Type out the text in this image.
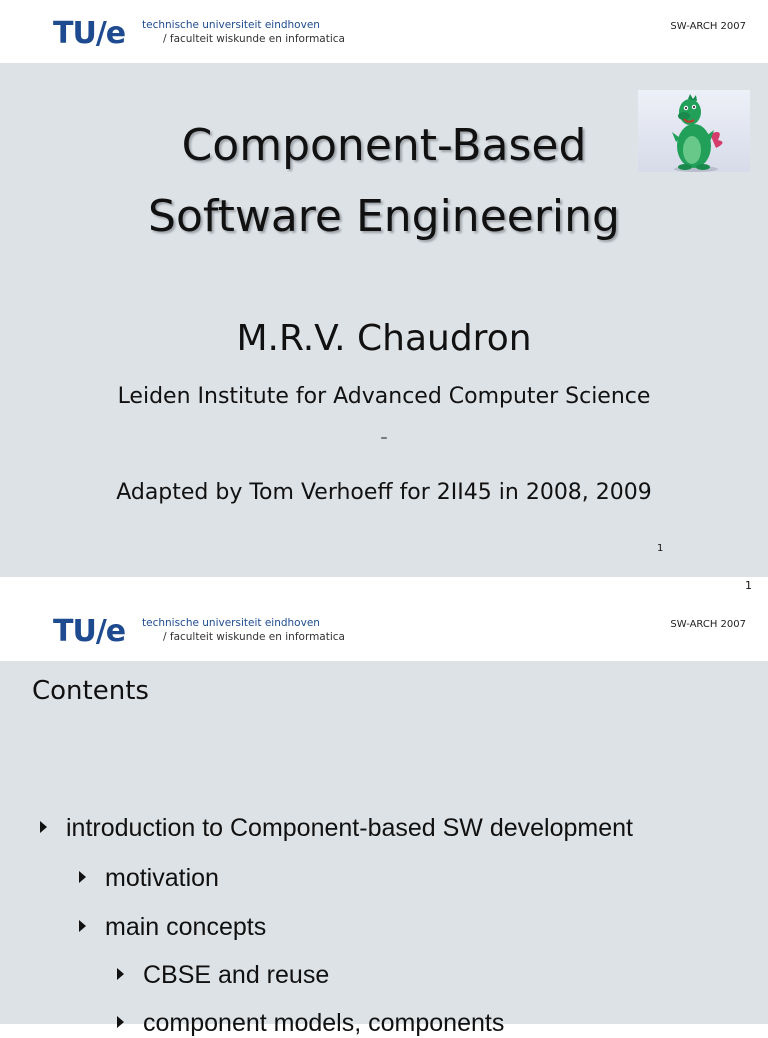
TU/e technische universiteit eindhoven
/ faculteit wiskunde en informatica
SW-ARCH 2007
Component-Based
Software Engineering
M.R.V. Chaudron
Leiden Institute for Advanced Computer Science
–
Adapted by Tom Verhoeff for 2II45 in 2008, 2009
1
1
TU/e technische universiteit eindhoven
/ faculteit wiskunde en informatica
SW-ARCH 2007
Contents
introduction to Component-based SW development
motivation
main concepts
CBSE and reuse
component models, components
